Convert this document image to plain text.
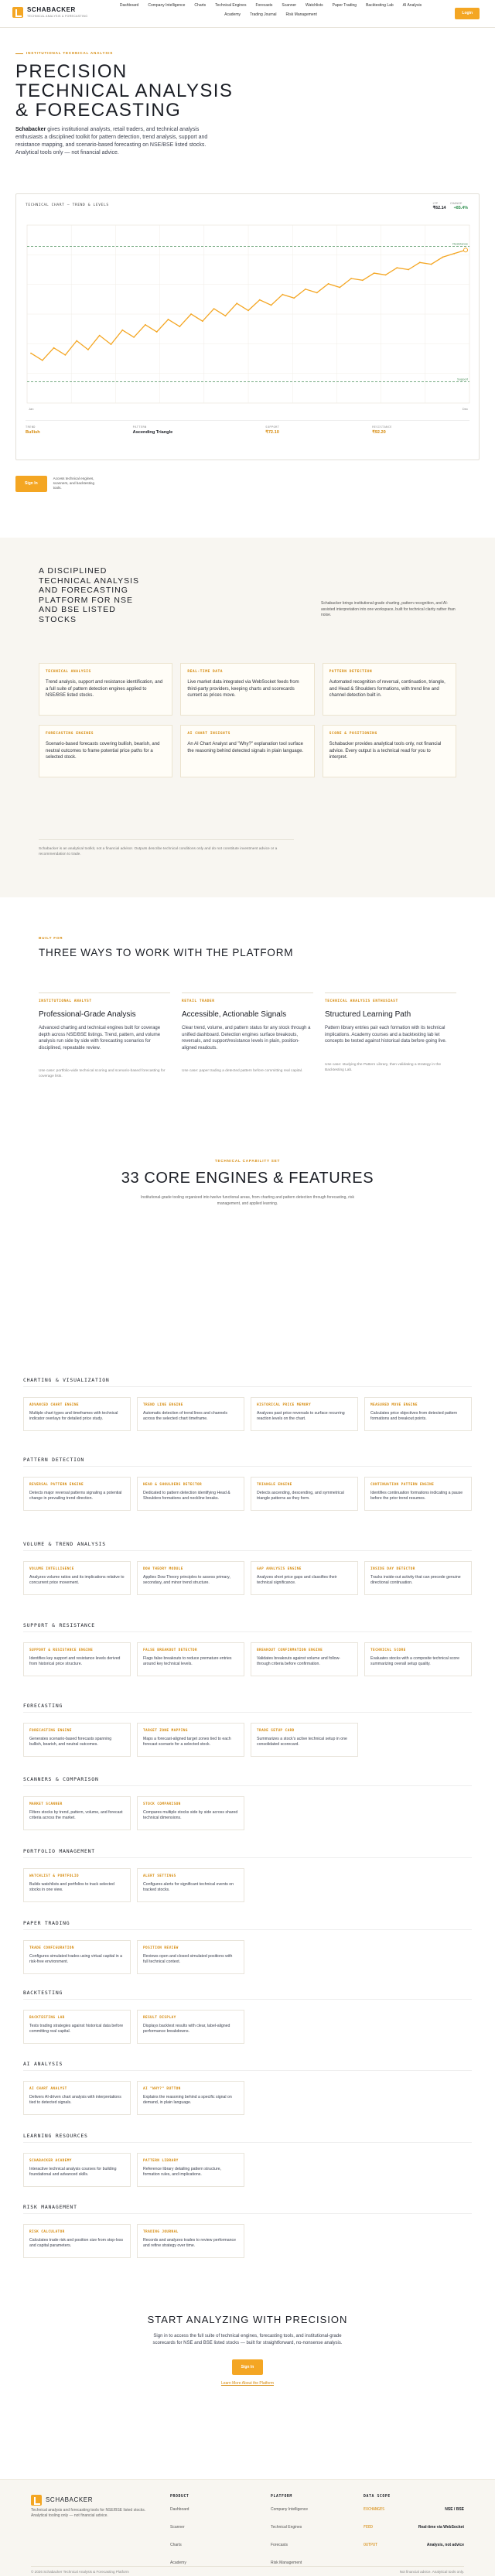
SCHABACKER
TECHNICAL ANALYSIS & FORECASTING
Dashboard Company Intelligence Charts Technical Engines Forecasts Scanner Watchlists Paper Trading Backtesting Lab AI Analysis
Academy Trading Journal Risk Management	Login
INSTITUTIONAL TECHNICAL ANALYSIS
PRECISION
TECHNICAL ANALYSIS
& FORECASTING

Schabacker gives institutional analysts, retail traders, and technical analysis enthusiasts a disciplined toolkit for pattern detection, trend analysis, support and resistance mapping, and scenario-based forecasting on NSE/BSE listed stocks. Analytical tools only — not financial advice.

TECHNICAL CHART — TREND & LEVELS	LTP	CHANGE
₹62.14 +85.4%
Resistance
Support
Jan	Dec
TREND
Bullish
PATTERN
Ascending Triangle
SUPPORT
₹72.10
RESISTANCE
₹92.20
Sign In
Access technical engines, scanners, and backtesting tools.
A DISCIPLINED TECHNICAL ANALYSIS AND FORECASTING PLATFORM FOR NSE AND BSE LISTED STOCKS
Schabacker brings institutional-grade charting, pattern recognition, and AI-assisted interpretation into one workspace, built for technical clarity rather than noise.
TECHNICAL ANALYSIS
Trend analysis, support and resistance identification, and a full suite of pattern detection engines applied to NSE/BSE listed stocks.
REAL-TIME DATA
Live market data integrated via WebSocket feeds from third-party providers, keeping charts and scorecards current as prices move.
PATTERN DETECTION
Automated recognition of reversal, continuation, triangle, and Head & Shoulders formations, with trend line and channel detection built in.
FORECASTING ENGINES
Scenario-based forecasts covering bullish, bearish, and neutral outcomes to frame potential price paths for a selected stock.
AI CHART INSIGHTS
An AI Chart Analyst and "Why?" explanation tool surface the reasoning behind detected signals in plain language.
SCORE & POSITIONING
Schabacker provides analytical tools only, not financial advice. Every output is a technical read for you to interpret.
Schabacker is an analytical toolkit, not a financial advisor. Outputs describe technical conditions only and do not constitute investment advice or a recommendation to trade.
BUILT FOR
THREE WAYS TO WORK WITH THE PLATFORM
INSTITUTIONAL ANALYST
Professional-Grade Analysis
Advanced charting and technical engines built for coverage depth across NSE/BSE listings. Trend, pattern, and volume analysis run side by side with forecasting scenarios for disciplined, repeatable review.
Use case: portfolio-wide technical scoring and scenario-based forecasting for coverage lists.
RETAIL TRADER
Accessible, Actionable Signals
Clear trend, volume, and pattern status for any stock through a unified dashboard. Detection engines surface breakouts, reversals, and support/resistance levels in plain, position-aligned readouts.
Use case: paper trading a detected pattern before committing real capital.
TECHNICAL ANALYSIS ENTHUSIAST
Structured Learning Path
Pattern library entries pair each formation with its technical implications. Academy courses and a backtesting lab let concepts be tested against historical data before going live.
Use case: studying the Pattern Library, then validating a strategy in the Backtesting Lab.
TECHNICAL CAPABILITY SET
33 CORE ENGINES & FEATURES
Institutional-grade tooling organized into twelve functional areas, from charting and pattern detection through forecasting, risk management, and applied learning.
CHARTING & VISUALIZATION
ADVANCED CHART ENGINE
Multiple chart types and timeframes with technical indicator overlays for detailed price study.
TREND LINE ENGINE
Automatic detection of trend lines and channels across the selected chart timeframe.
HISTORICAL PRICE MEMORY
Analyzes past price reversals to surface recurring reaction levels on the chart.
MEASURED MOVE ENGINE
Calculates price objectives from detected pattern formations and breakout points.
PATTERN DETECTION
REVERSAL PATTERN ENGINE
Detects major reversal patterns signaling a potential change in prevailing trend direction.
HEAD & SHOULDERS DETECTOR
Dedicated to pattern detection identifying Head & Shoulders formations and neckline breaks.
TRIANGLE ENGINE
Detects ascending, descending, and symmetrical triangle patterns as they form.
CONTINUATION PATTERN ENGINE
Identifies continuation formations indicating a pause before the prior trend resumes.
VOLUME & TREND ANALYSIS
VOLUME INTELLIGENCE
Analyzes volume ratios and its implications relative to concurrent price movement.
DOW THEORY MODULE
Applies Dow Theory principles to assess primary, secondary, and minor trend structure.
GAP ANALYSIS ENGINE
Analyzes short price gaps and classifies their technical significance.
INSIDE DAY DETECTOR
Tracks inside-out activity that can precede genuine directional continuation.
SUPPORT & RESISTANCE
SUPPORT & RESISTANCE ENGINE
Identifies key support and resistance levels derived from historical price structure.
FALSE BREAKOUT DETECTOR
Flags false breakouts to reduce premature entries around key technical levels.
BREAKOUT CONFIRMATION ENGINE
Validates breakouts against volume and follow-through criteria before confirmation.
TECHNICAL SCORE
Evaluates stocks with a composite technical score summarizing overall setup quality.
FORECASTING
FORECASTING ENGINE
Generates scenario-based forecasts spanning bullish, bearish, and neutral outcomes.
TARGET ZONE MAPPING
Maps a forecast-aligned target zones tied to each forecast scenario for a selected stock.
TRADE SETUP CARD
Summarizes a stock's active technical setup in one consolidated scorecard.
SCANNERS & COMPARISON
MARKET SCANNER
Filters stocks by trend, pattern, volume, and forecast criteria across the market.
STOCK COMPARISON
Compares multiple stocks side by side across shared technical dimensions.
PORTFOLIO MANAGEMENT
WATCHLIST & PORTFOLIO
Builds watchlists and portfolios to track selected stocks in one view.
ALERT SETTINGS
Configures alerts for significant technical events on tracked stocks.
PAPER TRADING
TRADE CONFIGURATION
Configures simulated trades using virtual capital in a risk-free environment.
POSITION REVIEW
Reviews open and closed simulated positions with full technical context.
BACKTESTING
BACKTESTING LAB
Tests trading strategies against historical data before committing real capital.
RESULT DISPLAY
Displays backtest results with clear, label-aligned performance breakdowns.
AI ANALYSIS
AI CHART ANALYST
Delivers AI-driven chart analysis with interpretations tied to detected signals.
AI "WHY?" BUTTON
Explains the reasoning behind a specific signal on demand, in plain language.
LEARNING RESOURCES
SCHABACKER ACADEMY
Interactive technical analysis courses for building foundational and advanced skills.
PATTERN LIBRARY
Reference library detailing pattern structure, formation rules, and implications.
RISK MANAGEMENT
RISK CALCULATOR
Calculates trade risk and position size from stop-loss and capital parameters.
TRADING JOURNAL
Records and analyzes trades to review performance and refine strategy over time.
START ANALYZING WITH PRECISION
Sign in to access the full suite of technical engines, forecasting tools, and institutional-grade scorecards for NSE and BSE listed stocks — built for straightforward, no-nonsense analysis.
Sign In
Learn More About the Platform
SCHABACKER
Technical analysis and forecasting tools for NSE/BSE listed stocks. Analytical tooling only — not financial advice.
PRODUCT
Dashboard
Scanner
Charts
Academy
PLATFORM
Company Intelligence
Technical Engines
Forecasts
Risk Management
DATA SCOPE
EXCHANGES	NSE / BSE
FEED	Real-time via WebSocket
OUTPUT	Analysis, not advice
© 2026 Schabacker Technical Analysis & Forecasting Platform	Not financial advice. Analytical tools only.
